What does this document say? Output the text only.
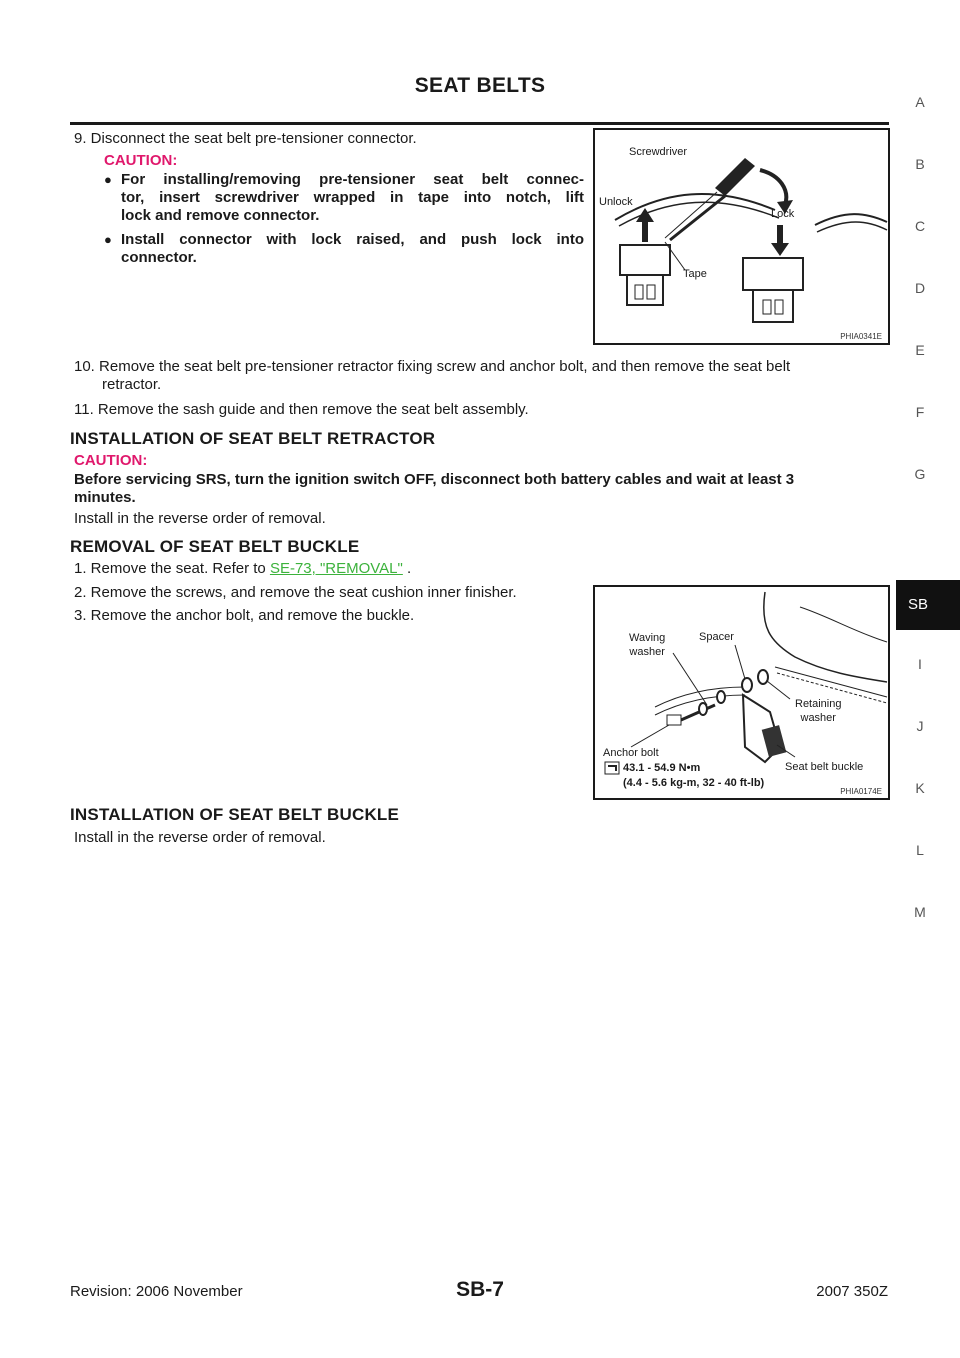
SEAT BELTS
A
B
C
D
E
F
G
SB
I
J
K
L
M
9. Disconnect the seat belt pre-tensioner connector.
CAUTION:
● For installing/removing pre-tensioner seat belt connec-
tor, insert screwdriver wrapped in tape into notch, lift
lock and remove connector.
● Install connector with lock raised, and push lock into
connector.
Screwdriver
Unlock
Lock
Tape
PHIA0341E
10. Remove the seat belt pre-tensioner retractor fixing screw and anchor bolt, and then remove the seat belt
retractor.
11. Remove the sash guide and then remove the seat belt assembly.
INSTALLATION OF SEAT BELT RETRACTOR
CAUTION:
Before servicing SRS, turn the ignition switch OFF, disconnect both battery cables and wait at least 3
minutes.
Install in the reverse order of removal.
REMOVAL OF SEAT BELT BUCKLE
1. Remove the seat. Refer to SE-73, "REMOVAL" .
2. Remove the screws, and remove the seat cushion inner finisher.
3. Remove the anchor bolt, and remove the buckle.
Waving
washer
Spacer
Retaining
washer
Anchor bolt
Seat belt buckle
43.1 - 54.9 N•m
(4.4 - 5.6 kg-m, 32 - 40 ft-lb)
PHIA0174E
INSTALLATION OF SEAT BELT BUCKLE
Install in the reverse order of removal.
Revision: 2006 November	SB-7	2007 350Z
